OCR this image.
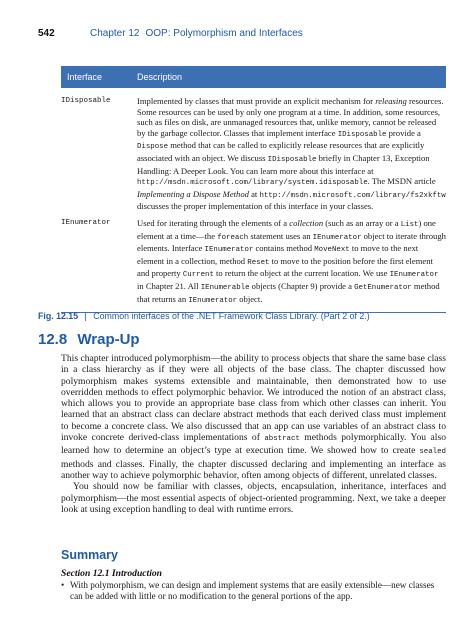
542	Chapter 12 OOP: Polymorphism and Interfaces
Interface	Description
IDisposable	Implemented by classes that must provide an explicit mechanism for releasing resources. Some resources can be used by only one program at a time. In addition, some resources, such as files on disk, are unmanaged resources that, unlike memory, cannot be released by the garbage collector. Classes that implement interface IDisposable provide a Dispose method that can be called to explicitly release resources that are explicitly associated with an object. We discuss IDisposable briefly in Chapter 13, Exception Handling: A Deeper Look. You can learn more about this interface at http://msdn.microsoft.com/library/system.idisposable. The MSDN article Implementing a Dispose Method at http://msdn.microsoft.com/library/fs2xkftw discusses the proper implementation of this interface in your classes.
IEnumerator	Used for iterating through the elements of a collection (such as an array or a List) one element at a time—the foreach statement uses an IEnumerator object to iterate through elements. Interface IEnumerator contains method MoveNext to move to the next element in a collection, method Reset to move to the position before the first element and property Current to return the object at the current location. We use IEnumerator in Chapter 21. All IEnumerable objects (Chapter 9) provide a GetEnumerator method that returns an IEnumerator object.
Fig. 12.15 | Common interfaces of the .NET Framework Class Library. (Part 2 of 2.)
12.8 Wrap-Up

This chapter introduced polymorphism—the ability to process objects that share the same base class in a class hierarchy as if they were all objects of the base class. The chapter discussed how polymorphism makes systems extensible and maintainable, then demonstrated how to use overridden methods to effect polymorphic behavior. We introduced the notion of an abstract class, which allows you to provide an appropriate base class from which other classes can inherit. You learned that an abstract class can declare abstract methods that each derived class must implement to become a concrete class. We also discussed that an app can use variables of an abstract class to invoke concrete derived-class implementations of abstract methods polymorphically. You also learned how to determine an object’s type at execution time. We showed how to create sealed methods and classes. Finally, the chapter discussed declaring and implementing an interface as another way to achieve polymorphic behavior, often among objects of different, unrelated classes.

You should now be familiar with classes, objects, encapsulation, inheritance, interfaces and polymorphism—the most essential aspects of object-oriented programming. Next, we take a deeper look at using exception handling to deal with runtime errors.

Summary
Section 12.1 Introduction
• With polymorphism, we can design and implement systems that are easily extensible—new classes can be added with little or no modification to the general portions of the app.
